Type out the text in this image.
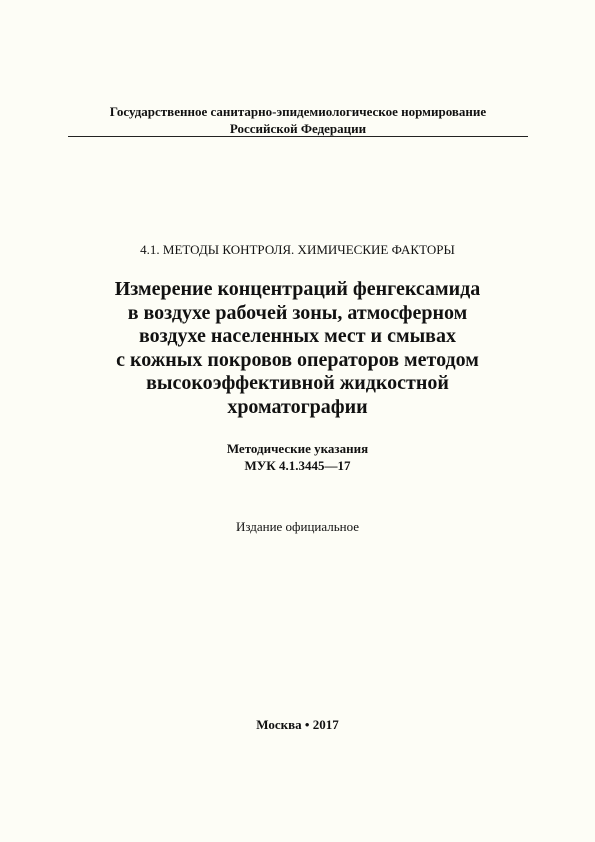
Государственное санитарно-эпидемиологическое нормирование
Российской Федерации
4.1. МЕТОДЫ КОНТРОЛЯ. ХИМИЧЕСКИЕ ФАКТОРЫ
Измерение концентраций фенгексамида
в воздухе рабочей зоны, атмосферном
воздухе населенных мест и смывах
с кожных покровов операторов методом
высокоэффективной жидкостной
хроматографии
Методические указания
МУК 4.1.3445—17
Издание официальное
Москва • 2017
